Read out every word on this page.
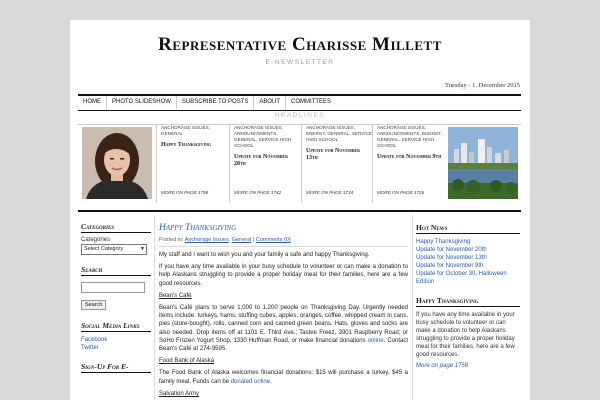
Representative Charisse Millett
E-NEWSLETTER
Tuesday - 1. December 2015
HOME	PHOTO SLIDESHOW	SUBSCRIBE TO POSTS	ABOUT	COMMITTEES
HEADLINES
ANCHORAGE ISSUES, GENERAL
Happy Thanksgiving
MORE ON PAGE 1758
ANCHORAGE ISSUES, ANNOUNCEMENTS, GENERAL, SERVICE HIGH SCHOOL
Update for November 20th
MORE ON PAGE 1742
ANCHORAGE ISSUES, ENERGY, GENERAL, SERVICE HIGH SCHOOL
Update for November 13th
MORE ON PAGE 1734
ANCHORAGE ISSUES, ANNOUNCEMENTS, BUDGET, GENERAL, SERVICE HIGH SCHOOL
Update for November 9th
MORE ON PAGE 1726
Categories
Categories
Select Category	▼
Search
Search
Social Media Links
Facebook
Twitter
Sign-Up For E-
Happy Thanksgiving
Posted in: Anchorage Issues, General | Comments (0)
My staff and I want to wish you and your family a safe and happy Thanksgiving.
If you have any time available in your busy schedule to volunteer or can make a donation to help Alaskans struggling to provide a proper holiday meal for their families, here are a few good resources.
Bean's Café
Bean's Café plans to serve 1,000 to 1,200 people on Thanksgiving Day. Urgently needed items include: turkeys, hams, stuffing cubes, apples, oranges, coffee, whipped cream in cans, pies (store-bought), rolls, canned corn and canned green beans. Hats, gloves and socks are also needed. Drop items off at 1101 E. Third Ave.; Tastee Freez, 3901 Raspberry Road; or SoHo Frozen Yogurt Shop, 1330 Huffman Road, or make financial donations online. Contact Bean's Café at 274-9595.
Food Bank of Alaska
The Food Bank of Alaska welcomes financial donations: $15 will purchase a turkey, $45 a family meal. Funds can be donated online.
Salvation Army
Hot News
Happy Thanksgiving
Update for November 20th
Update for November 13th
Update for November 9th
Update for October 30, Halloween Edition
Happy Thanksgiving
If you have any time available in your busy schedule to volunteer or can make a donation to help Alaskans struggling to provide a proper holiday meal for their families, here are a few good resources.
More on page 1758
